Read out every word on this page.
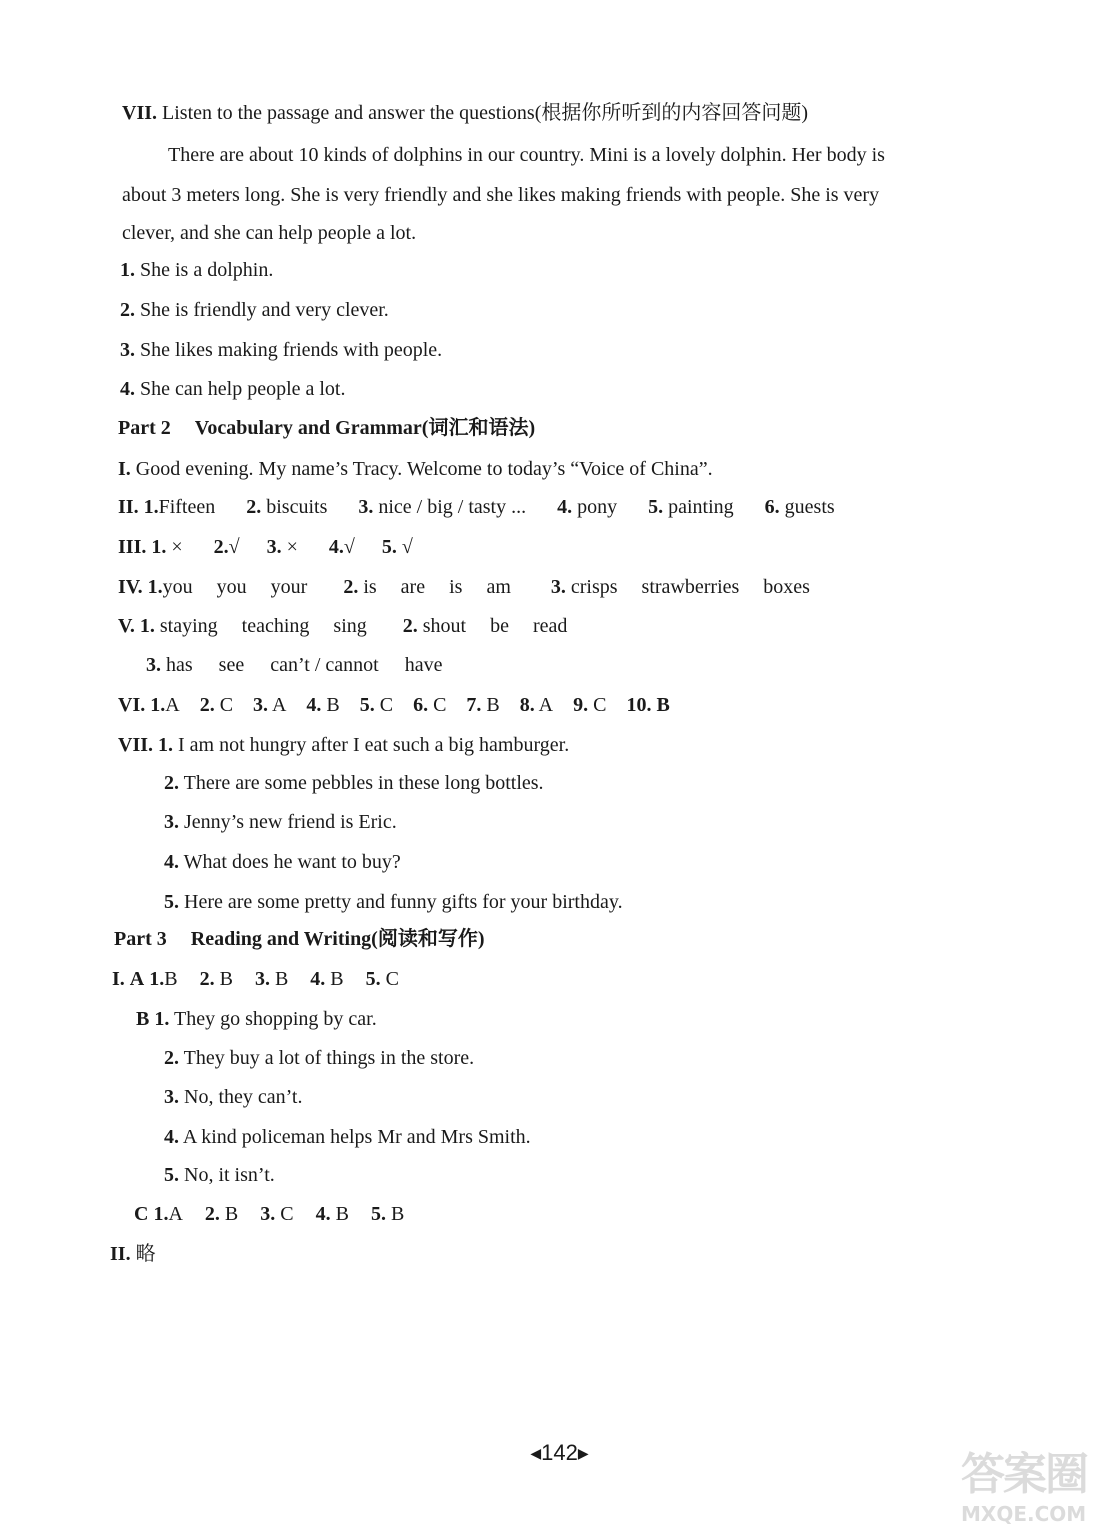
VII. Listen to the passage and answer the questions(根据你所听到的内容回答问题)
There are about 10 kinds of dolphins in our country. Mini is a lovely dolphin. Her body is
about 3 meters long. She is very friendly and she likes making friends with people. She is very
clever, and she can help people a lot.
1. She is a dolphin.
2. She is friendly and very clever.
3. She likes making friends with people.
4. She can help people a lot.
Part 2 Vocabulary and Grammar(词汇和语法)
I. Good evening. My name’s Tracy. Welcome to today’s “Voice of China”.
II. 1.Fifteen 2. biscuits 3. nice / big / tasty ... 4. pony 5. painting 6. guests
III. 1. × 2.√ 3. × 4.√ 5. √
IV. 1.you you your 2. is are is am 3. crisps strawberries boxes
V. 1. staying teaching sing 2. shout be read
3. has see can’t / cannot have
VI. 1.A 2. C 3. A 4. B 5. C 6. C 7. B 8. A 9. C 10. B
VII. 1. I am not hungry after I eat such a big hamburger.
2. There are some pebbles in these long bottles.
3. Jenny’s new friend is Eric.
4. What does he want to buy?
5. Here are some pretty and funny gifts for your birthday.
Part 3 Reading and Writing(阅读和写作)
I. A 1.B 2. B 3. B 4. B 5. C
B 1. They go shopping by car.
2. They buy a lot of things in the store.
3. No, they can’t.
4. A kind policeman helps Mr and Mrs Smith.
5. No, it isn’t.
C 1.A 2. B 3. C 4. B 5. B
II. 略
◀142▶	答案圈
MXQE.COM
